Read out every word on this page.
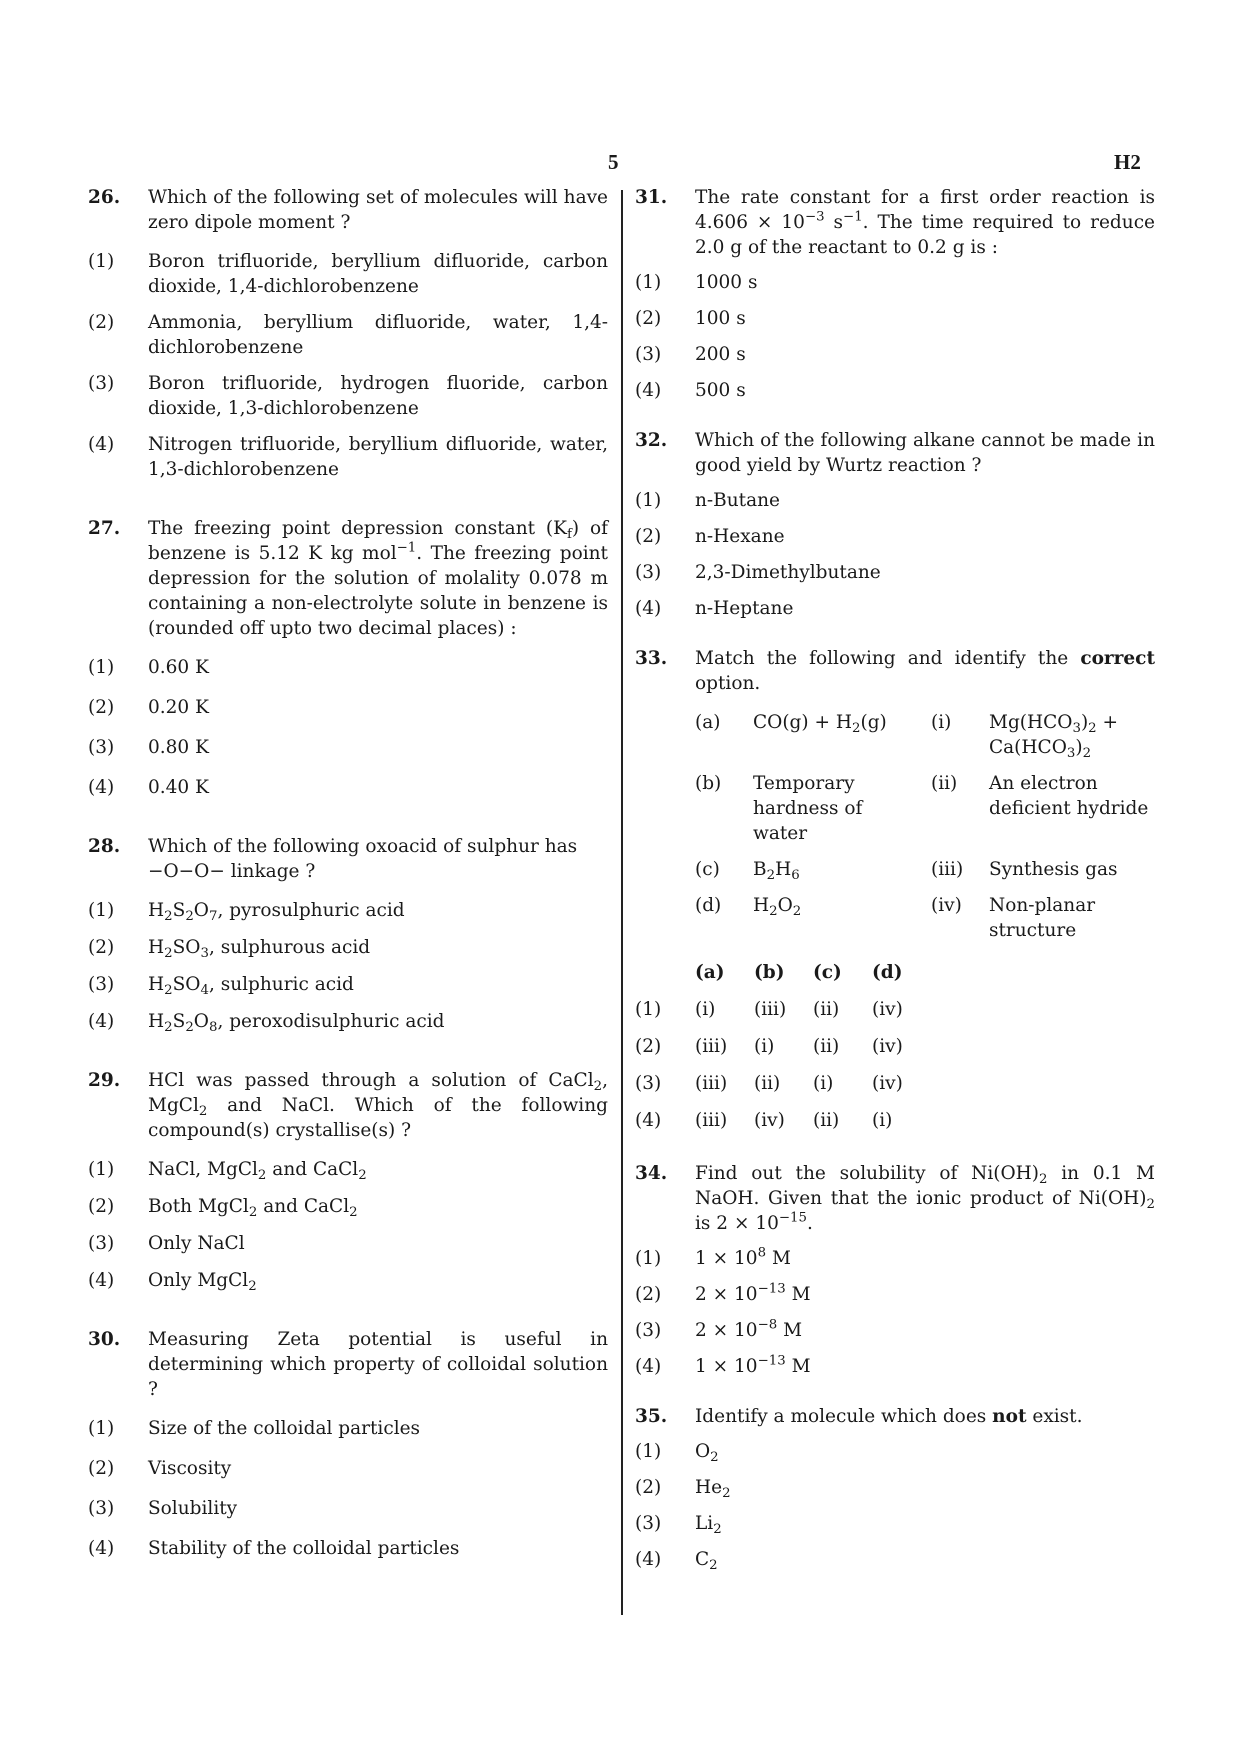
5	H2
26. Which of the following set of molecules will have zero dipole moment ?
(1) Boron trifluoride, beryllium difluoride, carbon dioxide, 1,4-dichlorobenzene
(2) Ammonia, beryllium difluoride, water, 1,4-dichlorobenzene
(3) Boron trifluoride, hydrogen fluoride, carbon dioxide, 1,3-dichlorobenzene
(4) Nitrogen trifluoride, beryllium difluoride, water, 1,3-dichlorobenzene
27. The freezing point depression constant $(K_f)$ of benzene is 5.12 K kg mol$^{-1}$. The freezing point depression for the solution of molality 0.078 m containing a non-electrolyte solute in benzene is (rounded off upto two decimal places) :
(1) 0.60 K
(2) 0.20 K
(3) 0.80 K
(4) 0.40 K
28. Which of the following oxoacid of sulphur has
−O−O− linkage ?
(1) $H_2S_2O_7$, pyrosulphuric acid
(2) $H_2SO_3$, sulphurous acid
(3) $H_2SO_4$, sulphuric acid
(4) $H_2S_2O_8$, peroxodisulphuric acid
29. HCl was passed through a solution of CaCl$_2$, MgCl$_2$ and NaCl. Which of the following compound(s) crystallise(s) ?
(1) NaCl, MgCl$_2$ and CaCl$_2$
(2) Both MgCl$_2$ and CaCl$_2$
(3) Only NaCl
(4) Only MgCl$_2$
30. Measuring Zeta potential is useful in determining which property of colloidal solution ?
(1) Size of the colloidal particles
(2) Viscosity
(3) Solubility
(4) Stability of the colloidal particles
31. The rate constant for a first order reaction is $4.606 \times 10^{-3}$ $s^{-1}$. The time required to reduce 2.0 g of the reactant to 0.2 g is :
(1) 1000 s
(2) 100 s
(3) 200 s
(4) 500 s
32. Which of the following alkane cannot be made in good yield by Wurtz reaction ?
(1) n-Butane
(2) n-Hexane
(3) 2,3-Dimethylbutane
(4) n-Heptane
33. Match the following and identify the correct option.
(a)	$CO(g) + H_2(g)$	(i)	$Mg(HCO_3)_2$ +
$Ca(HCO_3)_2$
(b)	Temporary hardness of water	(ii)	An electron deficient hydride
(c)	$B_2H_6$	(iii)	Synthesis gas
(d)	$H_2O_2$	(iv)	Non-planar structure
(a)	(b)	(c)	(d)
(1)	(i)	(iii)	(ii)	(iv)
(2)	(iii)	(i)	(ii)	(iv)
(3)	(iii)	(ii)	(i)	(iv)
(4)	(iii)	(iv)	(ii)	(i)
34. Find out the solubility of $Ni(OH)_2$ in 0.1 M NaOH. Given that the ionic product of $Ni(OH)_2$ is $2 \times 10^{-15}$.
(1) $1 \times 10^8$ M
(2) $2 \times 10^{-13}$ M
(3) $2 \times 10^{-8}$ M
(4) $1 \times 10^{-13}$ M
35. Identify a molecule which does not exist.
(1) $O_2$
(2) $He_2$
(3) $Li_2$
(4) $C_2$
